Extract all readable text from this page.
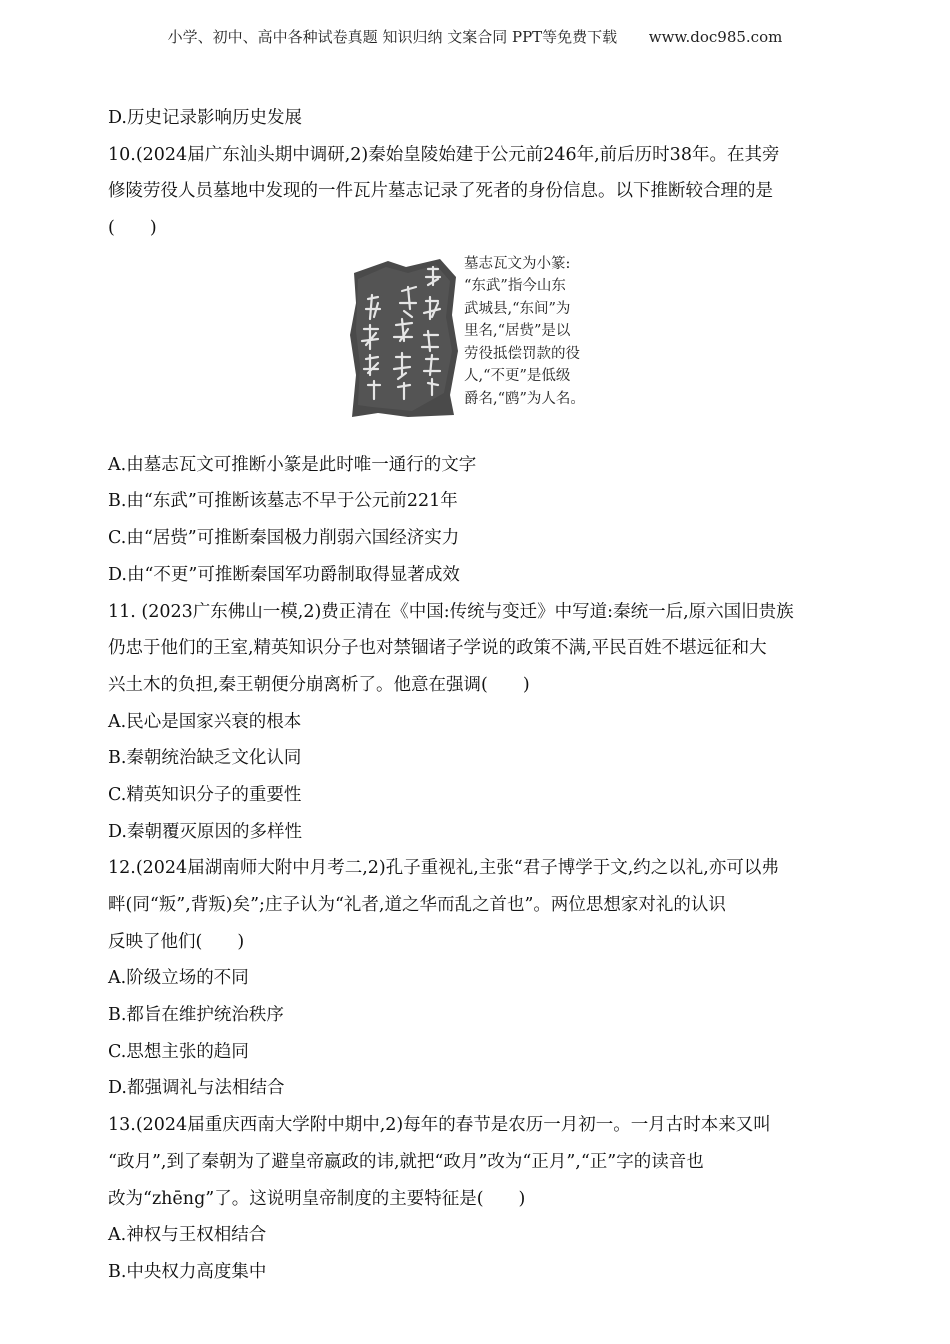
小学、初中、高中各种试卷真题 知识归纳 文案合同 PPT等免费下载 www.doc985.com
D.历史记录影响历史发展
10.(2024届广东汕头期中调研,2)秦始皇陵始建于公元前246年,前后历时38年。在其旁
修陵劳役人员墓地中发现的一件瓦片墓志记录了死者的身份信息。以下推断较合理的是
(　　)
墓志瓦文为小篆:
“东武”指今山东
武城县,“东间”为
里名,“居赀”是以
劳役抵偿罚款的役
人,“不更”是低级
爵名,“鸥”为人名。
A.由墓志瓦文可推断小篆是此时唯一通行的文字
B.由“东武”可推断该墓志不早于公元前221年
C.由“居赀”可推断秦国极力削弱六国经济实力
D.由“不更”可推断秦国军功爵制取得显著成效
11. (2023广东佛山一模,2)费正清在《中国:传统与变迁》中写道:秦统一后,原六国旧贵族
仍忠于他们的王室,精英知识分子也对禁锢诸子学说的政策不满,平民百姓不堪远征和大
兴土木的负担,秦王朝便分崩离析了。他意在强调(　　)
A.民心是国家兴衰的根本
B.秦朝统治缺乏文化认同
C.精英知识分子的重要性
D.秦朝覆灭原因的多样性
12.(2024届湖南师大附中月考二,2)孔子重视礼,主张“君子博学于文,约之以礼,亦可以弗
畔(同“叛”,背叛)矣”;庄子认为“礼者,道之华而乱之首也”。两位思想家对礼的认识
反映了他们(　　)
A.阶级立场的不同
B.都旨在维护统治秩序
C.思想主张的趋同
D.都强调礼与法相结合
13.(2024届重庆西南大学附中期中,2)每年的春节是农历一月初一。一月古时本来又叫
“政月”,到了秦朝为了避皇帝嬴政的讳,就把“政月”改为“正月”,“正”字的读音也
改为“zhēng”了。这说明皇帝制度的主要特征是(　　)
A.神权与王权相结合
B.中央权力高度集中
